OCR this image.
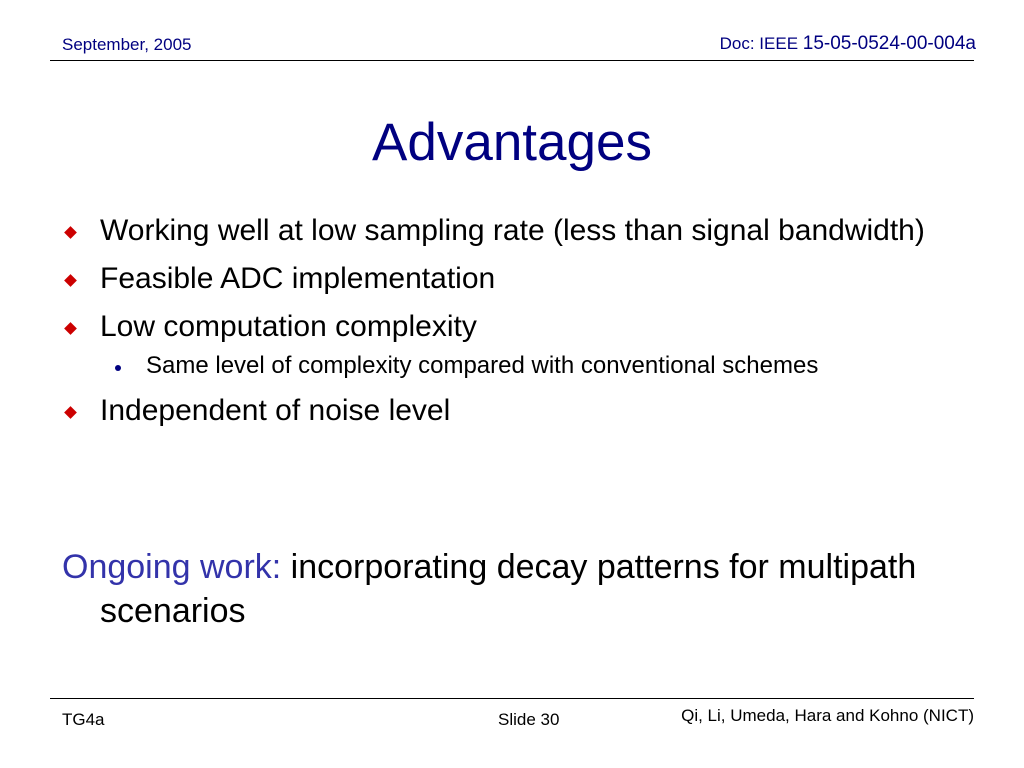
September, 2005	Doc: IEEE 15-05-0524-00-004a
Advantages
Working well at low sampling rate (less than signal bandwidth)
Feasible ADC implementation
Low computation complexity
Same level of complexity compared with conventional schemes
Independent of noise level
Ongoing work: incorporating decay patterns for multipath scenarios
TG4a	Slide 30	Qi, Li, Umeda, Hara and Kohno (NICT)
